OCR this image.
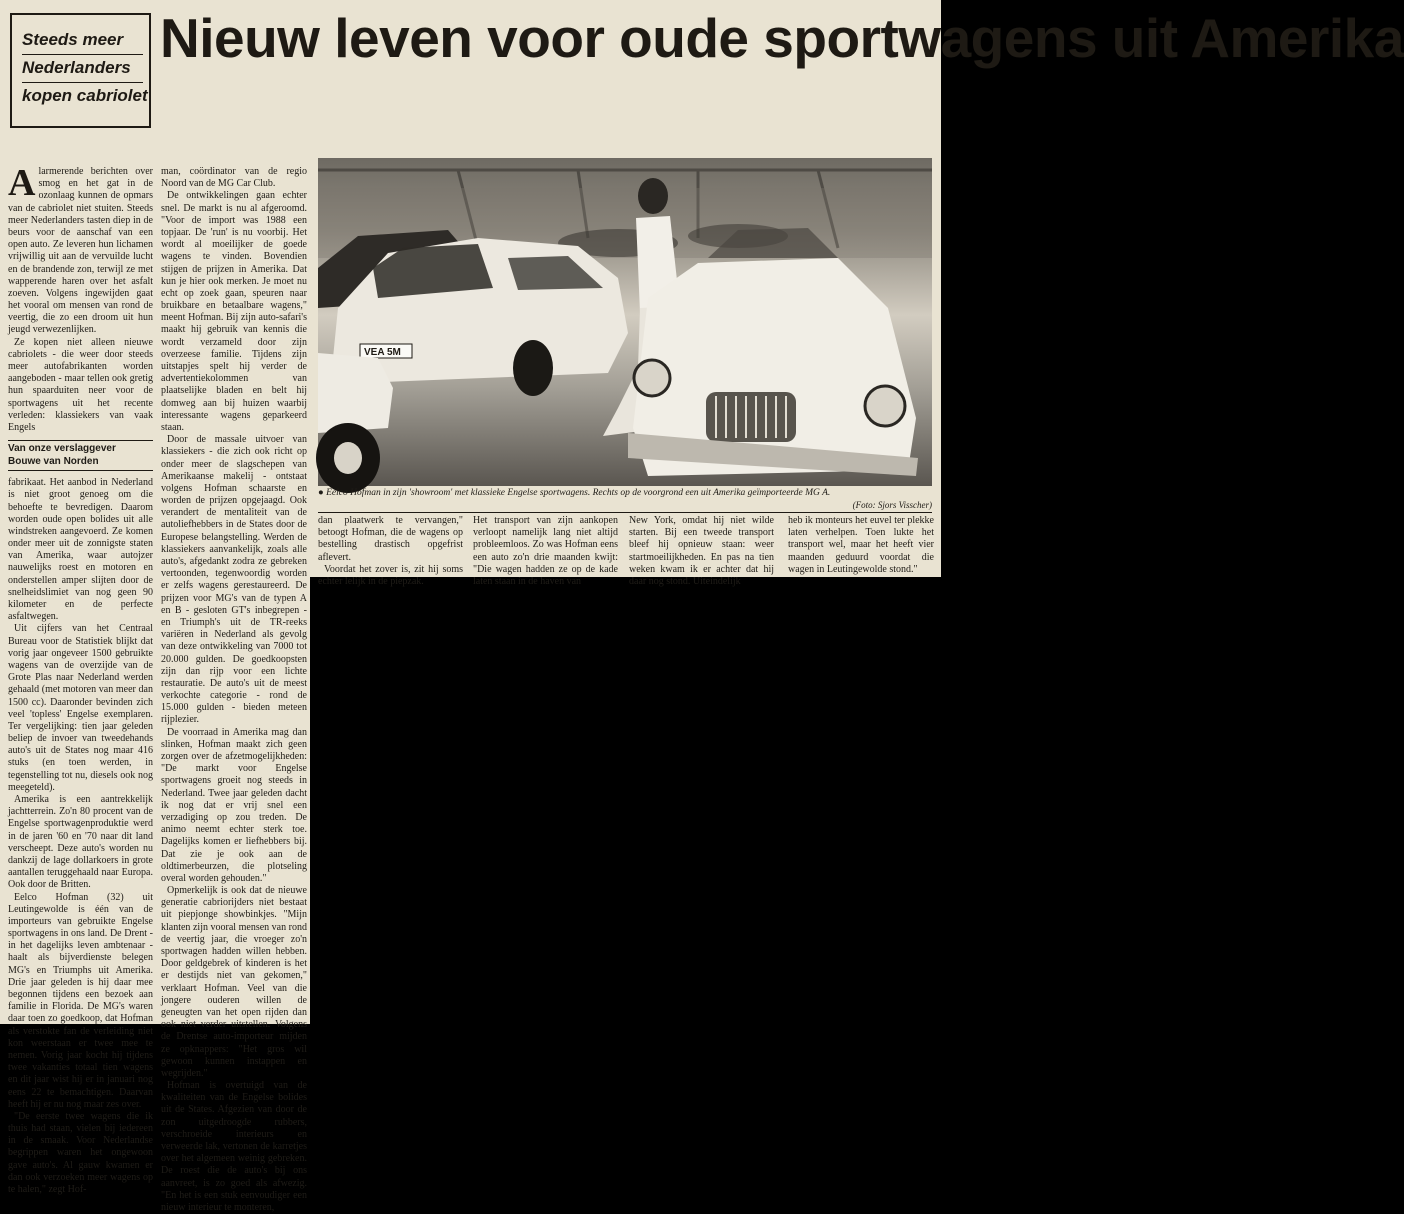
Steeds meer
Nederlanders
kopen cabriolet
Nieuw leven voor oude sportwagens uit Amerika

Alarmerende berichten over smog en het gat in de ozonlaag kunnen de opmars van de cabriolet niet stuiten. Steeds meer Nederlanders tasten diep in de beurs voor de aanschaf van een open auto. Ze leveren hun lichamen vrijwillig uit aan de vervuilde lucht en de brandende zon, terwijl ze met wapperende haren over het asfalt zoeven. Volgens ingewijden gaat het vooral om mensen van rond de veertig, die zo een droom uit hun jeugd verwezenlijken.

Ze kopen niet alleen nieuwe cabriolets - die weer door steeds meer autofabrikanten worden aangeboden - maar tellen ook gretig hun spaarduiten neer voor de sportwagens uit het recente verleden: klassiekers van vaak Engels

Van onze verslaggever
Bouwe van Norden

fabrikaat. Het aanbod in Nederland is niet groot genoeg om die behoefte te bevredigen. Daarom worden oude open bolides uit alle windstreken aangevoerd. Ze komen onder meer uit de zonnigste staten van Amerika, waar autojzer nauwelijks roest en motoren en onderstellen amper slijten door de snelheidslimiet van nog geen 90 kilometer en de perfecte asfaltwegen.

Uit cijfers van het Centraal Bureau voor de Statistiek blijkt dat vorig jaar ongeveer 1500 gebruikte wagens van de overzijde van de Grote Plas naar Nederland werden gehaald (met motoren van meer dan 1500 cc). Daaronder bevinden zich veel 'topless' Engelse exemplaren. Ter vergelijking: tien jaar geleden beliep de invoer van tweedehands auto's uit de States nog maar 416 stuks (en toen werden, in tegenstelling tot nu, diesels ook nog meegeteld).

Amerika is een aantrekkelijk jachtterrein. Zo'n 80 procent van de Engelse sportwagenproduktie werd in de jaren '60 en '70 naar dit land verscheept. Deze auto's worden nu dankzij de lage dollarkoers in grote aantallen teruggehaald naar Europa. Ook door de Britten.

Eelco Hofman (32) uit Leutingewolde is één van de importeurs van gebruikte Engelse sportwagens in ons land. De Drent - in het dagelijks leven ambtenaar - haalt als bijverdienste belegen MG's en Triumphs uit Amerika. Drie jaar geleden is hij daar mee begonnen tijdens een bezoek aan familie in Florida. De MG's waren daar toen zo goedkoop, dat Hofman als verstokte fan de verleiding niet kon weerstaan er twee mee te nemen. Vorig jaar kocht hij tijdens twee vakanties totaal tien wagens en dit jaar wist hij er in januari nog eens 22 te bemachtigen. Daarvan heeft hij er nu nog maar zes over.

"De eerste twee wagens die ik thuis had staan, vielen bij iedereen in de smaak. Voor Nederlandse begrippen waren het ongewoon gave auto's. Al gauw kwamen er dan ook verzoeken meer wagens op te halen," zegt Hof-

man, coördinator van de regio Noord van de MG Car Club.

De ontwikkelingen gaan echter snel. De markt is nu al afgeroomd. "Voor de import was 1988 een topjaar. De 'run' is nu voorbij. Het wordt al moeilijker de goede wagens te vinden. Bovendien stijgen de prijzen in Amerika. Dat kun je hier ook merken. Je moet nu echt op zoek gaan, speuren naar bruikbare en betaalbare wagens," meent Hofman. Bij zijn auto-safari's maakt hij gebruik van kennis die wordt verzameld door zijn overzeese familie. Tijdens zijn uitstapjes spelt hij verder de advertentiekolommen van plaatselijke bladen en belt hij domweg aan bij huizen waarbij interessante wagens geparkeerd staan.

Door de massale uitvoer van klassiekers - die zich ook richt op onder meer de slagschepen van Amerikaanse makelij - ontstaat volgens Hofman schaarste en worden de prijzen opgejaagd. Ook verandert de mentaliteit van de autoliefhebbers in de States door de Europese belangstelling. Werden de klassiekers aanvankelijk, zoals alle auto's, afgedankt zodra ze gebreken vertoonden, tegenwoordig worden er zelfs wagens gerestaureerd. De prijzen voor MG's van de typen A en B - gesloten GT's inbegrepen - en Triumph's uit de TR-reeks variëren in Nederland als gevolg van deze ontwikkeling van 7000 tot 20.000 gulden. De goedkoopsten zijn dan rijp voor een lichte restauratie. De auto's uit de meest verkochte categorie - rond de 15.000 gulden - bieden meteen rijplezier.

De voorraad in Amerika mag dan slinken, Hofman maakt zich geen zorgen over de afzetmogelijkheden: "De markt voor Engelse sportwagens groeit nog steeds in Nederland. Twee jaar geleden dacht ik nog dat er vrij snel een verzadiging op zou treden. De animo neemt echter sterk toe. Dagelijks komen er liefhebbers bij. Dat zie je ook aan de oldtimerbeurzen, die plotseling overal worden gehouden."

Opmerkelijk is ook dat de nieuwe generatie cabriorijders niet bestaat uit piepjonge showbinkjes. "Mijn klanten zijn vooral mensen van rond de veertig jaar, die vroeger zo'n sportwagen hadden willen hebben. Door geldgebrek of kinderen is het er destijds niet van gekomen," verklaart Hofman. Veel van die jongere ouderen willen de geneugten van het open rijden dan ook niet verder uitstellen. Volgens de Drentse auto-importeur mijden ze opknappers: "Het gros wil gewoon kunnen instappen en wegrijden."

Hofman is overtuigd van de kwaliteiten van de Engelse bolides uit de States. Afgezien van door de zon uitgedroogde rubbers, verschroeide interieurs en verweerde lak, vertonen de karretjes over het algemeen weinig gebreken. De roest die de auto's bij ons aanvreet, is zo goed als afwezig. "En het is een stuk eenvoudiger een nieuw interieur te monteren,

VEA 5M

● Eelco Hofman in zijn 'showroom' met klassieke Engelse sportwagens. Rechts op de voorgrond een uit Amerika geïmporteerde MG A.

(Foto: Sjors Visscher)

dan plaatwerk te vervangen," betoogt Hofman, die de wagens op bestelling drastisch opgefrist aflevert.

Voordat het zover is, zit hij soms echter lelijk in de piepzak.

Het transport van zijn aankopen verloopt namelijk lang niet altijd probleemloos. Zo was Hofman eens een auto zo'n drie maanden kwijt: "Die wagen hadden ze op de kade laten staan in de haven van

New York, omdat hij niet wilde starten. Bij een tweede transport bleef hij opnieuw staan: weer startmoeilijkheden. En pas na tien weken kwam ik er achter dat hij daar nog stond. Uiteindelijk

heb ik monteurs het euvel ter plekke laten verhelpen. Toen lukte het transport wel, maar het heeft vier maanden geduurd voordat die wagen in Leutingewolde stond."
